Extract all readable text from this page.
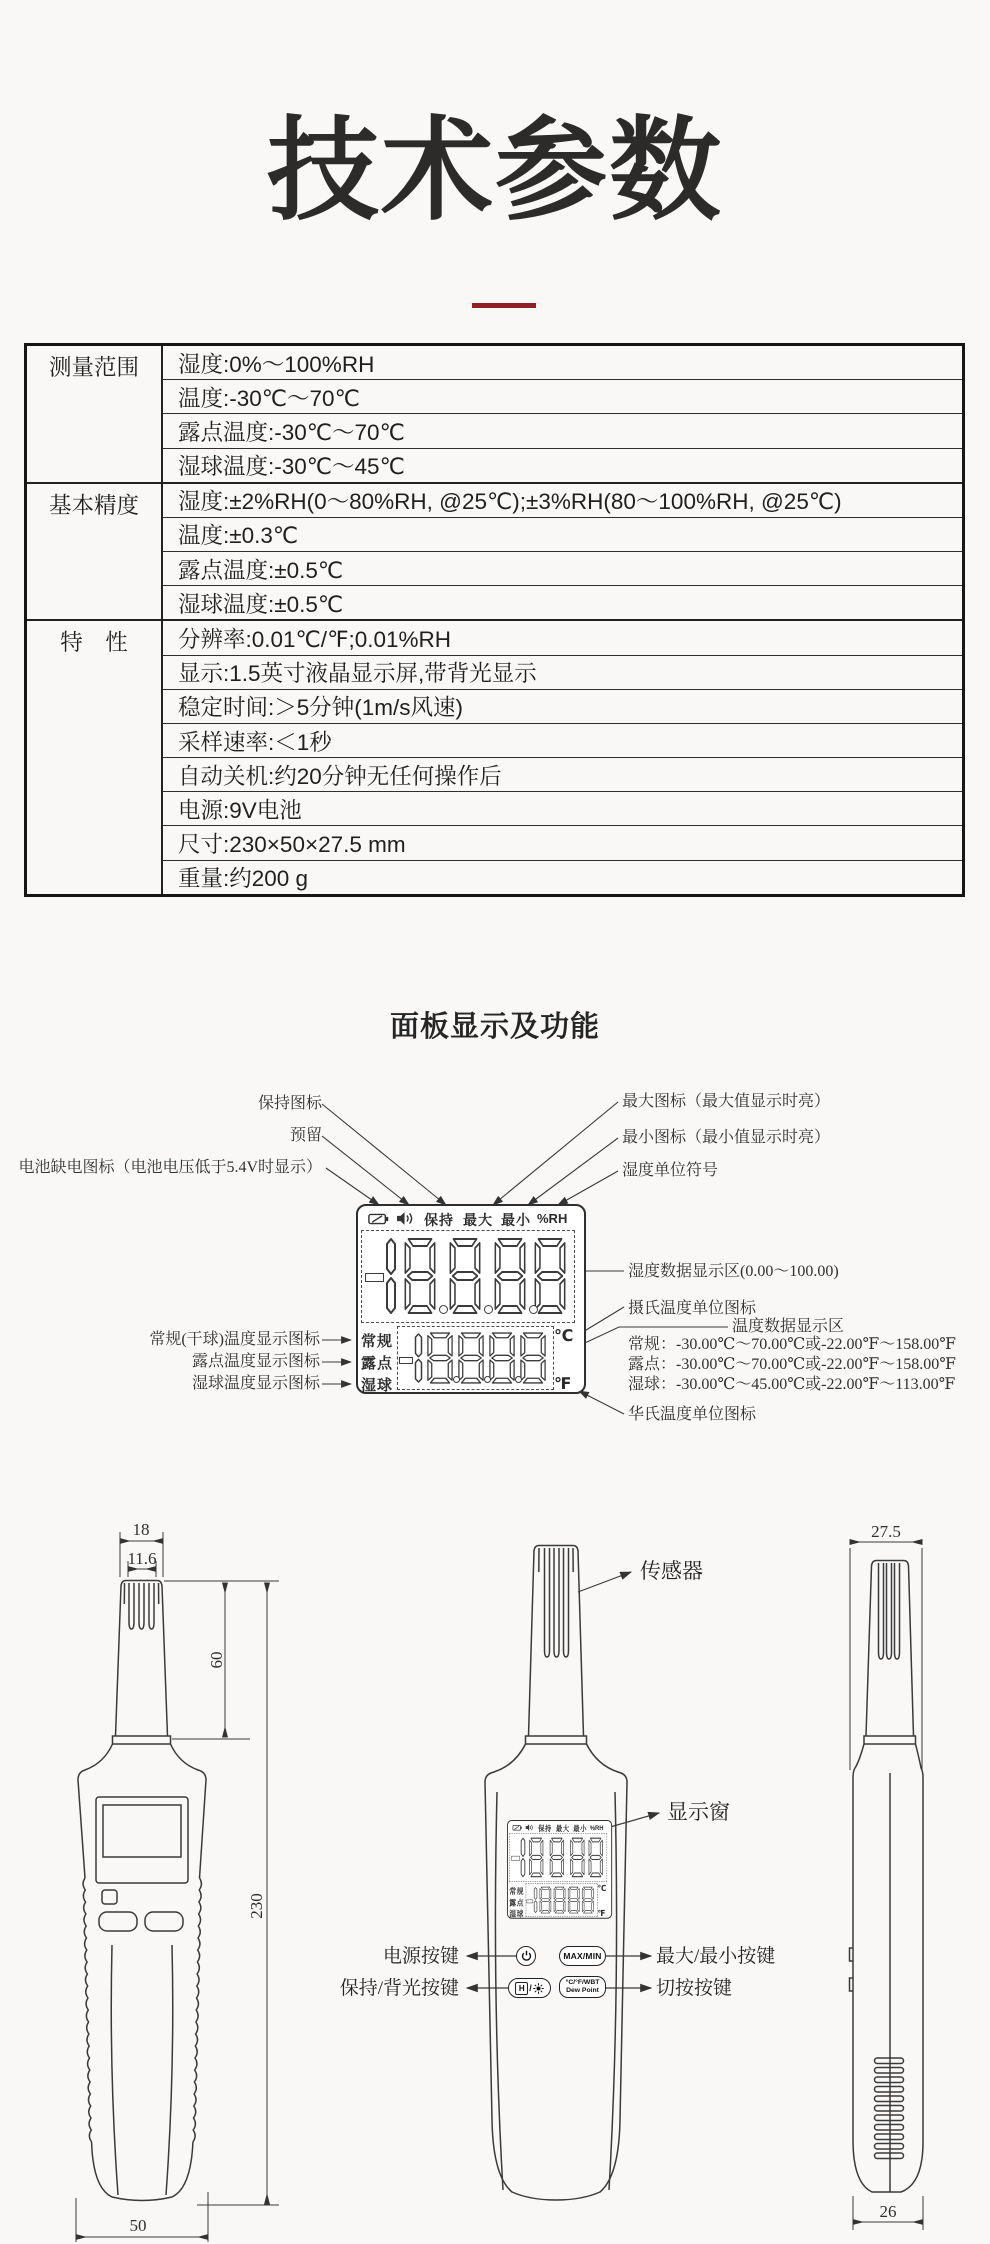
技术参数
测量范围	湿度:0%～100%RH
	温度:-30℃～70℃
	露点温度:-30℃～70℃
	湿球温度:-30℃～45℃
基本精度	湿度:±2%RH(0～80%RH, @25℃);±3%RH(80～100%RH, @25℃)
	温度:±0.3℃
	露点温度:±0.5℃
	湿球温度:±0.5℃
特　性	分辨率:0.01℃/℉;0.01%RH
	显示:1.5英寸液晶显示屏,带背光显示
	稳定时间:＞5分钟(1m/s风速)
	采样速率:＜1秒
	自动关机:约20分钟无任何操作后
	电源:9V电池
	尺寸:230×50×27.5 mm
	重量:约200 g
面板显示及功能
保持图标
预留
电池缺电图标（电池电压低于5.4V时显示）
最大图标（最大值显示时亮）
最小图标（最小值显示时亮）
湿度单位符号
湿度数据显示区(0.00～100.00)
摄氏温度单位图标
温度数据显示区
常规：-30.00℃～70.00℃或-22.00℉～158.00℉
露点：-30.00℃～70.00℃或-22.00℉～158.00℉
湿球：-30.00℃～45.00℃或-22.00℉～113.00℉
华氏温度单位图标
常规(干球)温度显示图标
露点温度显示图标
湿球温度显示图标
保持 最大 最小 %RH
常规
露点
湿球
℃
℉
18
11.6
60
230
50
27.5
26
保持 最大 最小 %RH
常规
露点
湿球
℃
℉
MAX/MIN
H /
°C/°F/WBT
Dew Point
传感器
显示窗
电源按键
保持/背光按键
最大/最小按键
切按按键
